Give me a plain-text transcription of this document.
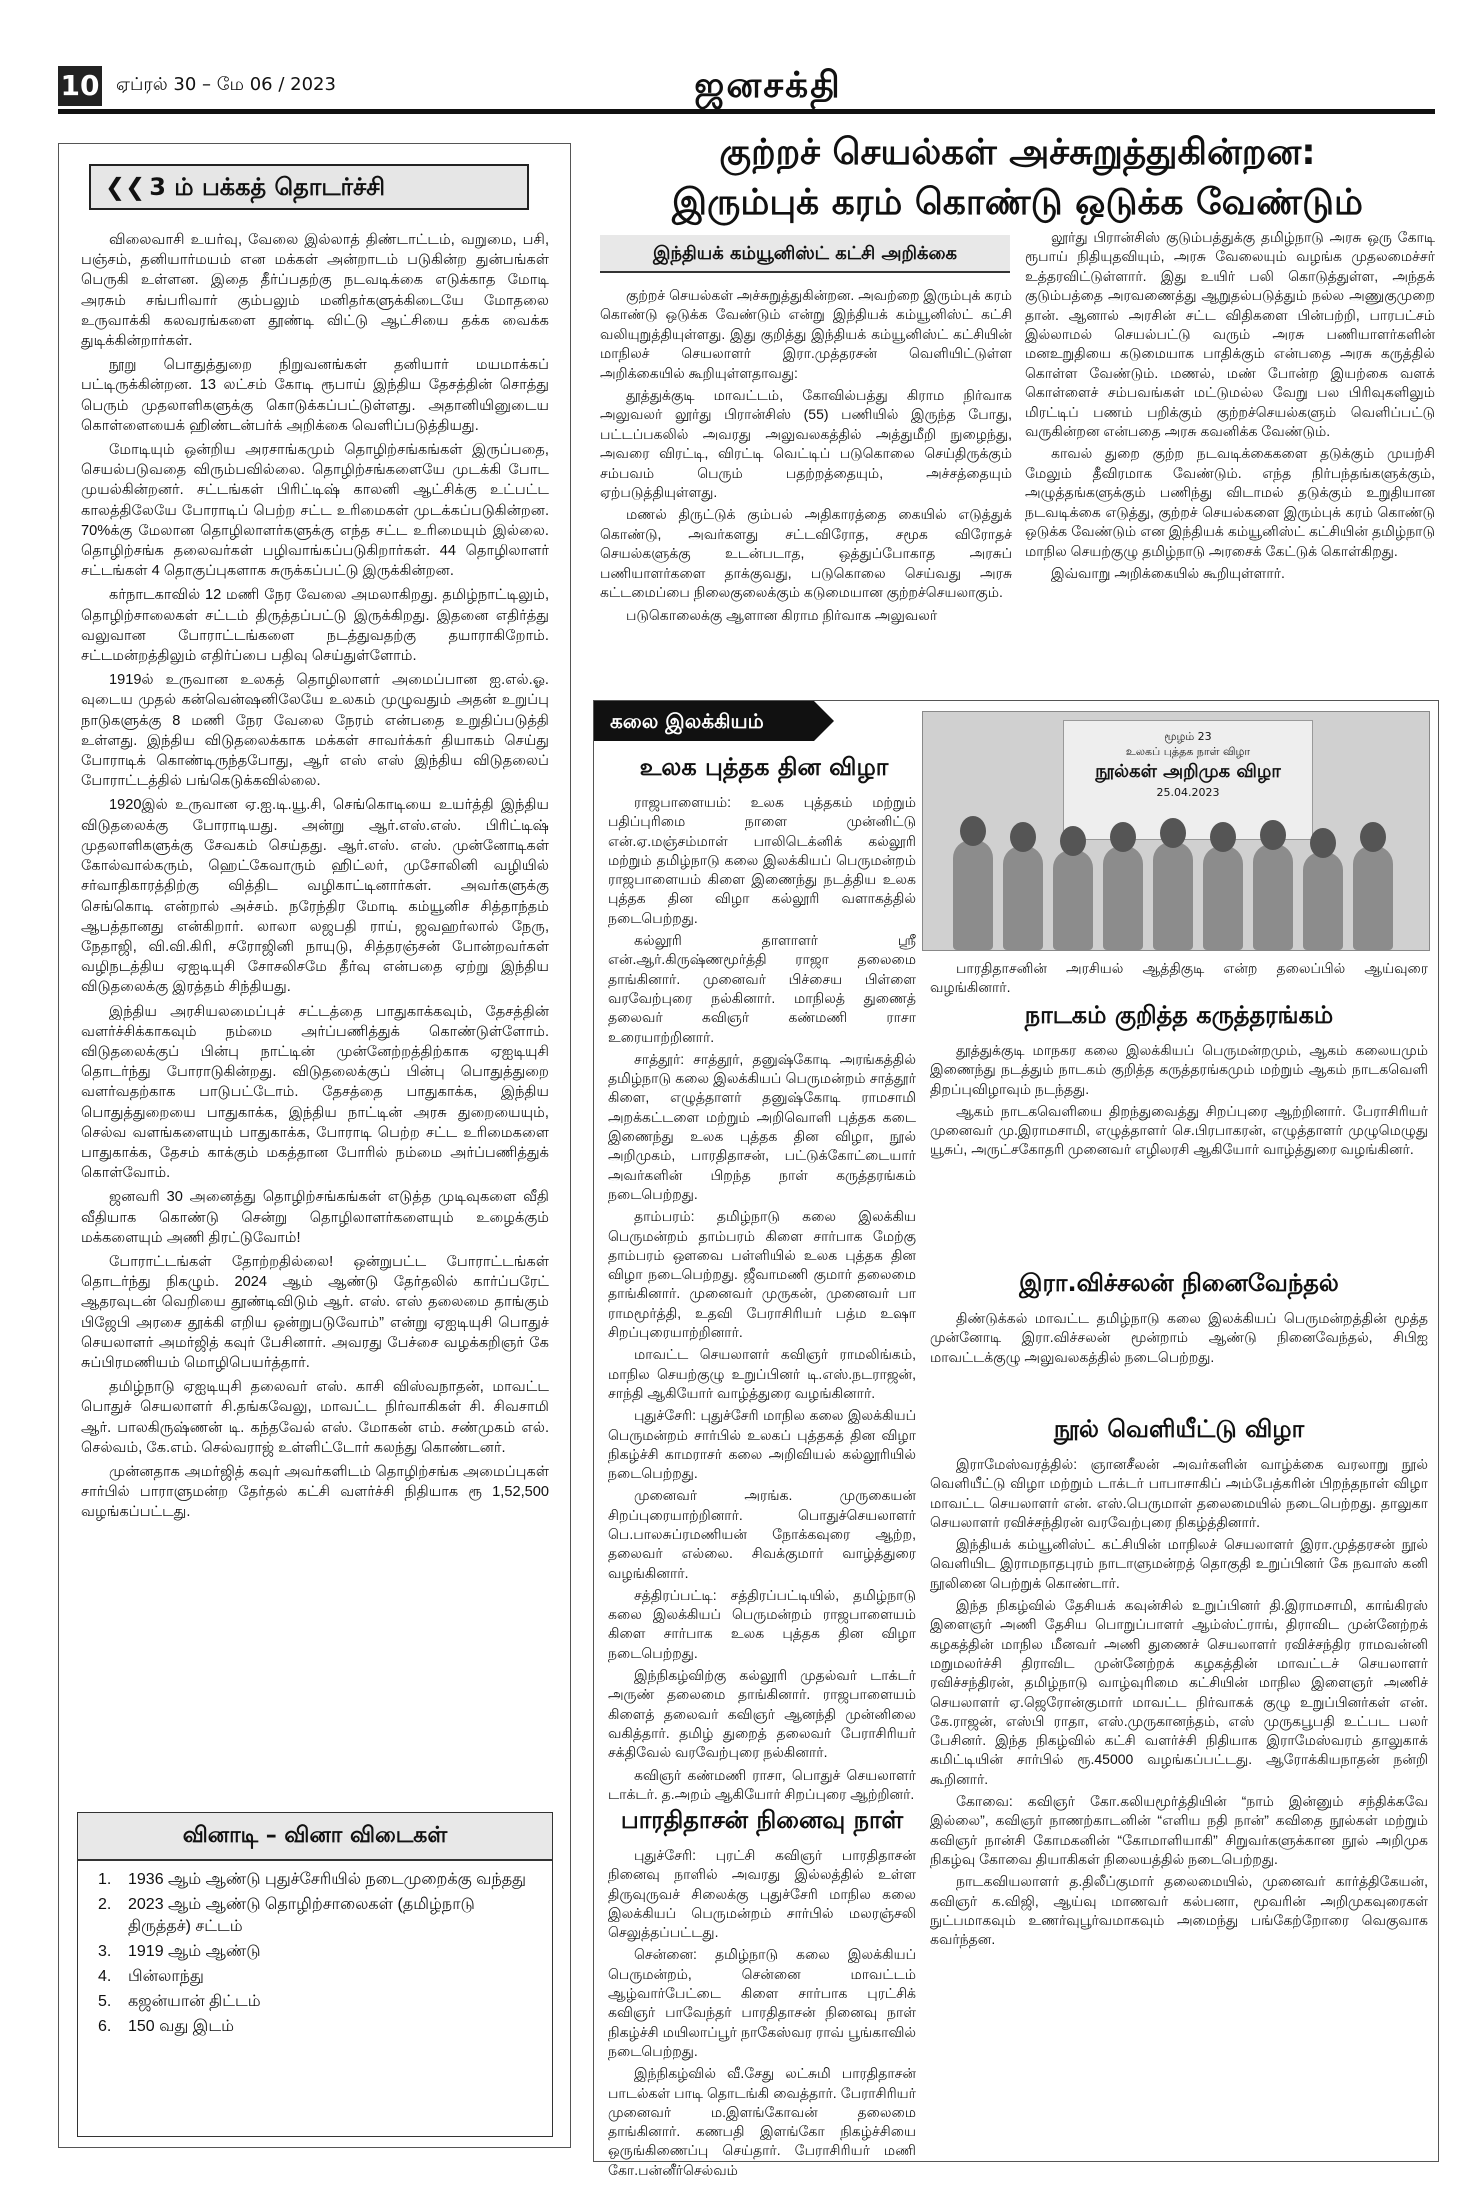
10 ஏப்ரல் 30 – மே 06 / 2023	ஜனசக்தி
❮❮ 3 ம் பக்கத் தொடர்ச்சி

விலைவாசி உயர்வு, வேலை இல்லாத் திண்டாட்டம், வறுமை, பசி, பஞ்சம், தனியார்மயம் என மக்கள் அன்றாடம் படுகின்ற துன்பங்கள் பெருகி உள்ளன. இதை தீர்ப்பதற்கு நடவடிக்கை எடுக்காத மோடி அரசும் சங்பரிவார் கும்பலும் மனிதர்களுக்கிடையே மோதலை உருவாக்கி கலவரங்களை தூண்டி விட்டு ஆட்சியை தக்க வைக்க துடிக்கின்றார்கள்.

நூறு பொதுத்துறை நிறுவனங்கள் தனியார் மயமாக்கப் பட்டிருக்கின்றன. 13 லட்சம் கோடி ரூபாய் இந்திய தேசத்தின் சொத்து பெரும் முதலாளிகளுக்கு கொடுக்கப்பட்டுள்ளது. அதானியினுடைய கொள்ளையைக் ஹிண்டன்பர்க் அறிக்கை வெளிப்படுத்தியது.

மோடியும் ஒன்றிய அரசாங்கமும் தொழிற்சங்கங்கள் இருப்பதை, செயல்படுவதை விரும்பவில்லை. தொழிற்சங்களையே முடக்கி போட முயல்கின்றனர். சட்டங்கள் பிரிட்டிஷ் காலனி ஆட்சிக்கு உட்பட்ட காலத்திலேயே போராடிப் பெற்ற சட்ட உரிமைகள் முடக்கப்படுகின்றன. 70%க்கு மேலான தொழிலாளர்களுக்கு எந்த சட்ட உரிமையும் இல்லை. தொழிற்சங்க தலைவர்கள் பழிவாங்கப்படுகிறார்கள். 44 தொழிலாளர் சட்டங்கள் 4 தொகுப்புகளாக சுருக்கப்பட்டு இருக்கின்றன.

கர்நாடகாவில் 12 மணி நேர வேலை அமலாகிறது. தமிழ்நாட்டிலும், தொழிற்சாலைகள் சட்டம் திருத்தப்பட்டு இருக்கிறது. இதனை எதிர்த்து வலுவான போராட்டங்களை நடத்துவதற்கு தயாராகிறோம். சட்டமன்றத்திலும் எதிர்ப்பை பதிவு செய்துள்ளோம்.

1919ல் உருவான உலகத் தொழிலாளர் அமைப்பான ஐ.எல்.ஓ. வுடைய முதல் கன்வென்ஷனிலேயே உலகம் முழுவதும் அதன் உறுப்பு நாடுகளுக்கு 8 மணி நேர வேலை நேரம் என்பதை உறுதிப்படுத்தி உள்ளது. இந்திய விடுதலைக்காக மக்கள் சாவர்க்கர் தியாகம் செய்து போராடிக் கொண்டிருந்தபோது, ஆர் எஸ் எஸ் இந்திய விடுதலைப் போராட்டத்தில் பங்கெடுக்கவில்லை.

1920இல் உருவான ஏ.ஐ.டி.யூ.சி, செங்கொடியை உயர்த்தி இந்திய விடுதலைக்கு போராடியது. அன்று ஆர்.எஸ்.எஸ். பிரிட்டிஷ் முதலாளிகளுக்கு சேவகம் செய்தது. ஆர்.எஸ். எஸ். முன்னோடிகள் கோல்வால்கரும், ஹெட்கேவாரும் ஹிட்லர், முசோலினி வழியில் சர்வாதிகாரத்திற்கு வித்திட வழிகாட்டினார்கள். அவர்களுக்கு செங்கொடி என்றால் அச்சம். நரேந்திர மோடி கம்யூனிச சித்தாந்தம் ஆபத்தானது என்கிறார். லாலா லஜபதி ராய், ஜவஹர்லால் நேரு, நேதாஜி, வி.வி.கிரி, சரோஜினி நாயுடு, சித்தரஞ்சன் போன்றவர்கள் வழிநடத்திய ஏஐடியுசி சோசலிசமே தீர்வு என்பதை ஏற்று இந்திய விடுதலைக்கு இரத்தம் சிந்தியது.

இந்திய அரசியலமைப்புச் சட்டத்தை பாதுகாக்கவும், தேசத்தின் வளர்ச்சிக்காகவும் நம்மை அர்ப்பணித்துக் கொண்டுள்ளோம். விடுதலைக்குப் பின்பு நாட்டின் முன்னேற்றத்திற்காக ஏஐடியுசி தொடர்ந்து போராடுகின்றது. விடுதலைக்குப் பின்பு பொதுத்துறை வளர்வதற்காக பாடுபட்டோம். தேசத்தை பாதுகாக்க, இந்திய பொதுத்துறையை பாதுகாக்க, இந்திய நாட்டின் அரசு துறையையும், செல்வ வளங்களையும் பாதுகாக்க, போராடி பெற்ற சட்ட உரிமைகளை பாதுகாக்க, தேசம் காக்கும் மகத்தான போரில் நம்மை அர்ப்பணித்துக் கொள்வோம்.

ஜனவரி 30 அனைத்து தொழிற்சங்கங்கள் எடுத்த முடிவுகளை வீதி வீதியாக கொண்டு சென்று தொழிலாளர்களையும் உழைக்கும் மக்களையும் அணி திரட்டுவோம்!

போராட்டங்கள் தோற்றதில்லை! ஒன்றுபட்ட போராட்டங்கள் தொடர்ந்து நிகழும். 2024 ஆம் ஆண்டு தேர்தலில் கார்ப்பரேட் ஆதரவுடன் வெறியை தூண்டிவிடும் ஆர். எஸ். எஸ் தலைமை தாங்கும் பிஜேபி அரசை தூக்கி எறிய ஒன்றுபடுவோம்” என்று ஏஐடியுசி பொதுச் செயலாளர் அமர்ஜித் கவுர் பேசினார். அவரது பேச்சை வழக்கறிஞர் கே சுப்பிரமணியம் மொழிபெயர்த்தார்.

தமிழ்நாடு ஏஐடியுசி தலைவர் எஸ். காசி விஸ்வநாதன், மாவட்ட பொதுச் செயலாளர் சி.தங்கவேலு, மாவட்ட நிர்வாகிகள் சி. சிவசாமி ஆர். பாலகிருஷ்ணன் டி. கந்தவேல் எஸ். மோகன் எம். சண்முகம் எல். செல்வம், கே.எம். செல்வராஜ் உள்ளிட்டோர் கலந்து கொண்டனர்.

முன்னதாக அமர்ஜித் கவுர் அவர்களிடம் தொழிற்சங்க அமைப்புகள் சார்பில் பாராளுமன்ற தேர்தல் கட்சி வளர்ச்சி நிதியாக ரூ 1,52,500 வழங்கப்பட்டது.

வினாடி – வினா விடைகள்
1.	1936 ஆம் ஆண்டு புதுச்சேரியில் நடைமுறைக்கு வந்தது
2.	2023 ஆம் ஆண்டு தொழிற்சாலைகள் (தமிழ்நாடு திருத்தச்) சட்டம்
3.	1919 ஆம் ஆண்டு
4.	பின்லாந்து
5.	கஜன்யான் திட்டம்
6.	150 வது இடம்
குற்றச் செயல்கள் அச்சுறுத்துகின்றன:
இரும்புக் கரம் கொண்டு ஒடுக்க வேண்டும்
இந்தியக் கம்யூனிஸ்ட் கட்சி அறிக்கை

குற்றச் செயல்கள் அச்சுறுத்துகின்றன. அவற்றை இரும்புக் கரம் கொண்டு ஒடுக்க வேண்டும் என்று இந்தியக் கம்யூனிஸ்ட் கட்சி வலியுறுத்தியுள்ளது. இது குறித்து இந்தியக் கம்யூனிஸ்ட் கட்சியின் மாநிலச் செயலாளர் இரா.முத்தரசன் வெளியிட்டுள்ள அறிக்கையில் கூறியுள்ளதாவது:

தூத்துக்குடி மாவட்டம், கோவில்பத்து கிராம நிர்வாக அலுவலர் லூர்து பிரான்சிஸ் (55) பணியில் இருந்த போது, பட்டப்பகலில் அவரது அலுவலகத்தில் அத்துமீறி நுழைந்து, அவரை விரட்டி, விரட்டி வெட்டிப் படுகொலை செய்திருக்கும் சம்பவம் பெரும் பதற்றத்தையும், அச்சத்தையும் ஏற்படுத்தியுள்ளது.

மணல் திருட்டுக் கும்பல் அதிகாரத்தை கையில் எடுத்துக் கொண்டு, அவர்களது சட்டவிரோத, சமூக விரோதச் செயல்களுக்கு உடன்படாத, ஒத்துப்போகாத அரசுப் பணியாளர்களை தாக்குவது, படுகொலை செய்வது அரசு கட்டமைப்பை நிலைகுலைக்கும் கடுமையான குற்றச்செயலாகும்.

படுகொலைக்கு ஆளான கிராம நிர்வாக அலுவலர்

லூர்து பிரான்சிஸ் குடும்பத்துக்கு தமிழ்நாடு அரசு ஒரு கோடி ரூபாய் நிதியுதவியும், அரசு வேலையும் வழங்க முதலமைச்சர் உத்தரவிட்டுள்ளார். இது உயிர் பலி கொடுத்துள்ள, அந்தக் குடும்பத்தை அரவணைத்து ஆறுதல்படுத்தும் நல்ல அணுகுமுறை தான். ஆனால் அரசின் சட்ட விதிகளை பின்பற்றி, பாரபட்சம் இல்லாமல் செயல்பட்டு வரும் அரசு பணியாளர்களின் மனஉறுதியை கடுமையாக பாதிக்கும் என்பதை அரசு கருத்தில் கொள்ள வேண்டும். மணல், மண் போன்ற இயற்கை வளக் கொள்ளைச் சம்பவங்கள் மட்டுமல்ல வேறு பல பிரிவுகளிலும் மிரட்டிப் பணம் பறிக்கும் குற்றச்செயல்களும் வெளிப்பட்டு வருகின்றன என்பதை அரசு கவனிக்க வேண்டும்.

காவல் துறை குற்ற நடவடிக்கைகளை தடுக்கும் முயற்சி மேலும் தீவிரமாக வேண்டும். எந்த நிர்பந்தங்களுக்கும், அழுத்தங்களுக்கும் பணிந்து விடாமல் தடுக்கும் உறுதியான நடவடிக்கை எடுத்து, குற்றச் செயல்களை இரும்புக் கரம் கொண்டு ஒடுக்க வேண்டும் என இந்தியக் கம்யூனிஸ்ட் கட்சியின் தமிழ்நாடு மாநில செயற்குழு தமிழ்நாடு அரசைக் கேட்டுக் கொள்கிறது.

இவ்வாறு அறிக்கையில் கூறியுள்ளார்.

கலை இலக்கியம்
மூழம் 23
உலகப் புத்தக நாள் விழா
நூல்கள் அறிமுக விழா
25.04.2023
உலக புத்தக தின விழா

ராஜபாளையம்: உலக புத்தகம் மற்றும் பதிப்புரிமை நாளை முன்னிட்டு என்.ஏ.மஞ்சம்மாள் பாலிடெக்னிக் கல்லூரி மற்றும் தமிழ்நாடு கலை இலக்கியப் பெருமன்றம் ராஜபாளையம் கிளை இணைந்து நடத்திய உலக புத்தக தின விழா கல்லூரி வளாகத்தில் நடைபெற்றது.

கல்லூரி தாளாளர் ஸ்ரீ என்.ஆர்.கிருஷ்ணமூர்த்தி ராஜா தலைமை தாங்கினார். முனைவர் பிச்சைய பிள்ளை வரவேற்புரை நல்கினார். மாநிலத் துணைத் தலைவர் கவிஞர் கண்மணி ராசா உரையாற்றினார்.

சாத்தூர்: சாத்தூர், தனுஷ்கோடி அரங்கத்தில் தமிழ்நாடு கலை இலக்கியப் பெருமன்றம் சாத்தூர் கிளை, எழுத்தாளர் தனுஷ்கோடி ராமசாமி அறக்கட்டளை மற்றும் அறிவொளி புத்தக கடை இணைந்து உலக புத்தக தின விழா, நூல் அறிமுகம், பாரதிதாசன், பட்டுக்கோட்டையார் அவர்களின் பிறந்த நாள் கருத்தரங்கம் நடைபெற்றது.

தாம்பரம்: தமிழ்நாடு கலை இலக்கிய பெருமன்றம் தாம்பரம் கிளை சார்பாக மேற்கு தாம்பரம் ஔவை பள்ளியில் உலக புத்தக தின விழா நடைபெற்றது. ஜீவாமணி குமார் தலைமை தாங்கினார். முனைவர் முருகன், முனைவர் பா ராமமூர்த்தி, உதவி பேராசிரியர் பத்ம உஷா சிறப்புரையாற்றினார்.

மாவட்ட செயலாளர் கவிஞர் ராமலிங்கம், மாநில செயற்குழு உறுப்பினர் டி.எஸ்.நடராஜன், சாந்தி ஆகியோர் வாழ்த்துரை வழங்கினார்.

புதுச்சேரி: புதுச்சேரி மாநில கலை இலக்கியப் பெருமன்றம் சார்பில் உலகப் புத்தகத் தின விழா நிகழ்ச்சி காமராசர் கலை அறிவியல் கல்லூரியில் நடைபெற்றது.

முனைவர் அரங்க. முருகையன் சிறப்புரையாற்றினார். பொதுச்செயலாளர் பெ.பாலசுப்ரமணியன் நோக்கவுரை ஆற்ற, தலைவர் எல்லை. சிவக்குமார் வாழ்த்துரை வழங்கினார்.

சத்திரப்பட்டி: சத்திரப்பட்டியில், தமிழ்நாடு கலை இலக்கியப் பெருமன்றம் ராஜபாளையம் கிளை சார்பாக உலக புத்தக தின விழா நடைபெற்றது.

இந்நிகழ்விற்கு கல்லூரி முதல்வர் டாக்டர் அருண் தலைமை தாங்கினார். ராஜபாளையம் கிளைத் தலைவர் கவிஞர் ஆனந்தி முன்னிலை வகித்தார். தமிழ் துறைத் தலைவர் பேராசிரியர் சக்திவேல் வரவேற்புரை நல்கினார்.

கவிஞர் கண்மணி ராசா, பொதுச் செயலாளர் டாக்டர். த.அறம் ஆகியோர் சிறப்புரை ஆற்றினர்.

பாரதிதாசன் நினைவு நாள்

புதுச்சேரி: புரட்சி கவிஞர் பாரதிதாசன் நினைவு நாளில் அவரது இல்லத்தில் உள்ள திருவுருவச் சிலைக்கு புதுச்சேரி மாநில கலை இலக்கியப் பெருமன்றம் சார்பில் மலரஞ்சலி செலுத்தப்பட்டது.

சென்னை: தமிழ்நாடு கலை இலக்கியப் பெருமன்றம், சென்னை மாவட்டம் ஆழ்வார்பேட்டை கிளை சார்பாக புரட்சிக் கவிஞர் பாவேந்தர் பாரதிதாசன் நினைவு நாள் நிகழ்ச்சி மயிலாப்பூர் நாகேஸ்வர ராவ் பூங்காவில் நடைபெற்றது.

இந்நிகழ்வில் வீ.சேது லட்சுமி பாரதிதாசன் பாடல்கள் பாடி தொடங்கி வைத்தார். பேராசிரியர் முனைவர் ம.இளங்கோவன் தலைமை தாங்கினார். கணபதி இளங்கோ நிகழ்ச்சியை ஒருங்கிணைப்பு செய்தார். பேராசிரியர் மணி கோ.பன்னீர்செல்வம்

பாரதிதாசனின் அரசியல் ஆத்திகுடி என்ற தலைப்பில் ஆய்வுரை வழங்கினார்.

நாடகம் குறித்த கருத்தரங்கம்

தூத்துக்குடி மாநகர கலை இலக்கியப் பெருமன்றமும், ஆகம் கலையமும் இணைந்து நடத்தும் நாடகம் குறித்த கருத்தரங்கமும் மற்றும் ஆகம் நாடகவெளி திறப்புவிழாவும் நடந்தது.

ஆகம் நாடகவெளியை திறந்துவைத்து சிறப்புரை ஆற்றினார். பேராசிரியர் முனைவர் மு.இராமசாமி, எழுத்தாளர் செ.பிரபாகரன், எழுத்தாளர் முழுமெழுது யூசுப், அருட்சகோதரி முனைவர் எழிலரசி ஆகியோர் வாழ்த்துரை வழங்கினர்.

இரா.விச்சலன் நினைவேந்தல்

திண்டுக்கல் மாவட்ட தமிழ்நாடு கலை இலக்கியப் பெருமன்றத்தின் மூத்த முன்னோடி இரா.விச்சலன் மூன்றாம் ஆண்டு நினைவேந்தல், சிபிஐ மாவட்டக்குழு அலுவலகத்தில் நடைபெற்றது.

நூல் வெளியீட்டு விழா

இராமேஸ்வரத்தில்: ஞானசீலன் அவர்களின் வாழ்க்கை வரலாறு நூல் வெளியீட்டு விழா மற்றும் டாக்டர் பாபாசாகிப் அம்பேத்கரின் பிறந்தநாள் விழா மாவட்ட செயலாளர் என். எஸ்.பெருமாள் தலைமையில் நடைபெற்றது. தாலுகா செயலாளர் ரவிச்சந்திரன் வரவேற்புரை நிகழ்த்தினார்.

இந்தியக் கம்யூனிஸ்ட் கட்சியின் மாநிலச் செயலாளர் இரா.முத்தரசன் நூல் வெளியிட இராமநாதபுரம் நாடாளுமன்றத் தொகுதி உறுப்பினர் கே நவாஸ் கனி நூலினை பெற்றுக் கொண்டார்.

இந்த நிகழ்வில் தேசியக் கவுன்சில் உறுப்பினர் தி.இராமசாமி, காங்கிரஸ் இளைஞர் அணி தேசிய பொறுப்பாளர் ஆம்ஸ்ட்ராங், திராவிட முன்னேற்றக் கழகத்தின் மாநில மீனவர் அணி துணைச் செயலாளர் ரவிச்சந்திர ராமவன்னி மறுமலர்ச்சி திராவிட முன்னேற்றக் கழகத்தின் மாவட்டச் செயலாளர் ரவிச்சந்திரன், தமிழ்நாடு வாழ்வுரிமை கட்சியின் மாநில இளைஞர் அணிச் செயலாளர் ஏ.ஜெரோன்குமார் மாவட்ட நிர்வாகக் குழு உறுப்பினர்கள் என். கே.ராஜன், எஸ்பி ராதா, எஸ்.முருகானந்தம், எஸ் முருகபூபதி உட்பட பலர் பேசினர். இந்த நிகழ்வில் கட்சி வளர்ச்சி நிதியாக இராமேஸ்வரம் தாலுகாக் கமிட்டியின் சார்பில் ரூ.45000 வழங்கப்பட்டது. ஆரோக்கியநாதன் நன்றி கூறினார்.

கோவை: கவிஞர் கோ.கலியமூர்த்தியின் “நாம் இன்னும் சந்திக்கவே இல்லை”, கவிஞர் நாணற்காடனின் “எளிய நதி நான்” கவிதை நூல்கள் மற்றும் கவிஞர் நான்சி கோமகனின் “கோமாளியாகி” சிறுவர்களுக்கான நூல் அறிமுக நிகழ்வு கோவை தியாகிகள் நிலையத்தில் நடைபெற்றது.

நாடகவியலாளர் த.திலீப்குமார் தலைமையில், முனைவர் கார்த்திகேயன், கவிஞர் க.விஜி, ஆய்வு மாணவர் கல்பனா, மூவரின் அறிமுகவுரைகள் நுட்பமாகவும் உணர்வுபூர்வமாகவும் அமைந்து பங்கேற்றோரை வெகுவாக கவர்ந்தன.
